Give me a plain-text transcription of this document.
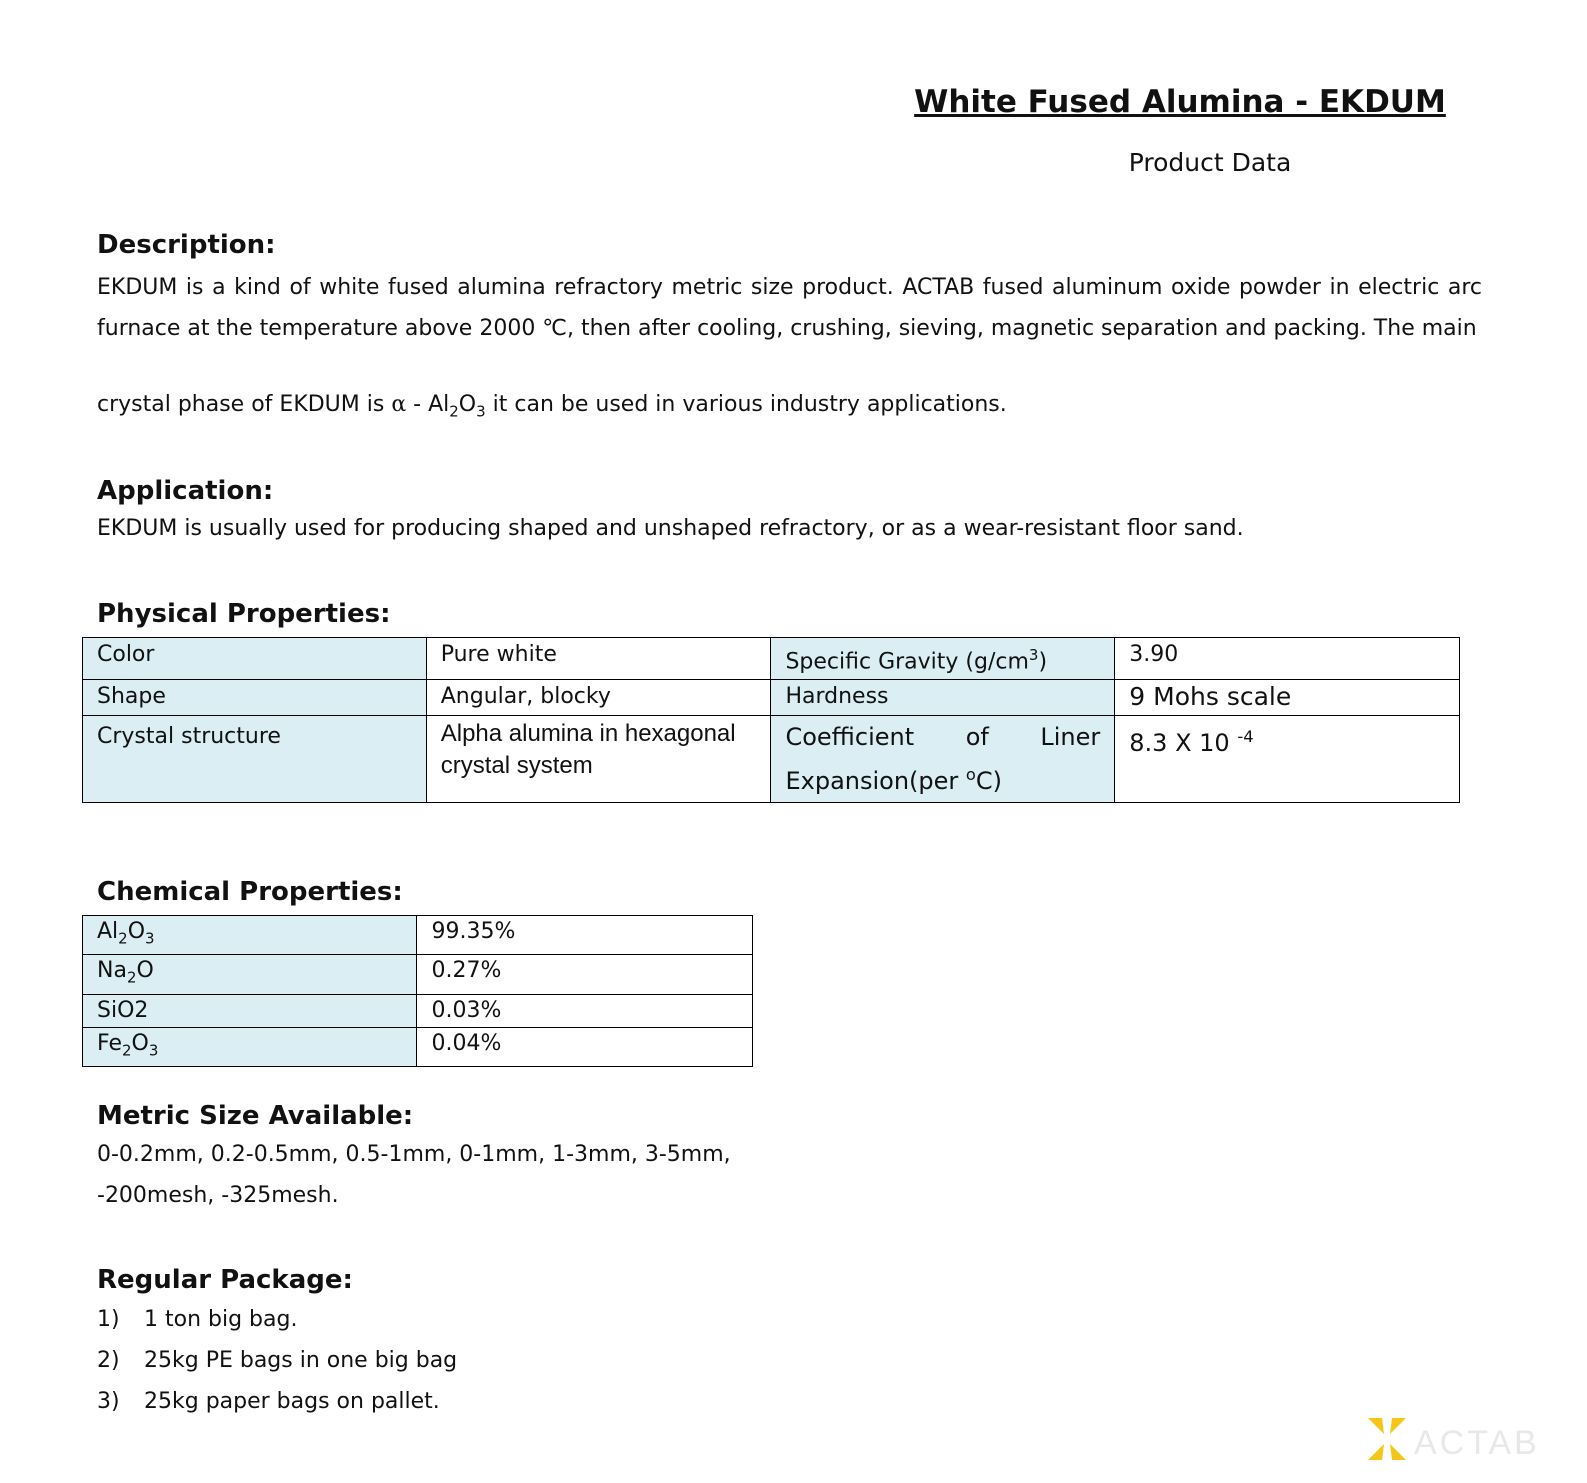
White Fused Alumina - EKDUM
Product Data
Description:
EKDUM is a kind of white fused alumina refractory metric size product. ACTAB fused aluminum oxide powder in electric arc furnace at the temperature above 2000 ℃, then after cooling, crushing, sieving, magnetic separation and packing. The main
crystal phase of EKDUM is α - $Al_2O_3$ it can be used in various industry applications.
Application:
EKDUM is usually used for producing shaped and unshaped refractory, or as a wear-resistant floor sand.
Physical Properties:
Color	Pure white	Specific Gravity $(g/cm^3)$	3.90
Shape	Angular, blocky	Hardness	9 Mohs scale
Crystal structure	Alpha alumina in hexagonal crystal system	Coefficient of Liner Expansion(per $^o$C)	8.3 X 10 $^{-4}$
Chemical Properties:
$Al_2O_3$	99.35%
$Na_2O$	0.27%
SiO2	0.03%
$Fe_2O_3$	0.04%
Metric Size Available:
0-0.2mm, 0.2-0.5mm, 0.5-1mm, 0-1mm, 1-3mm, 3-5mm,
-200mesh, -325mesh.
Regular Package:
1) 1 ton big bag.
2) 25kg PE bags in one big bag
3) 25kg paper bags on pallet.
ACTAB
